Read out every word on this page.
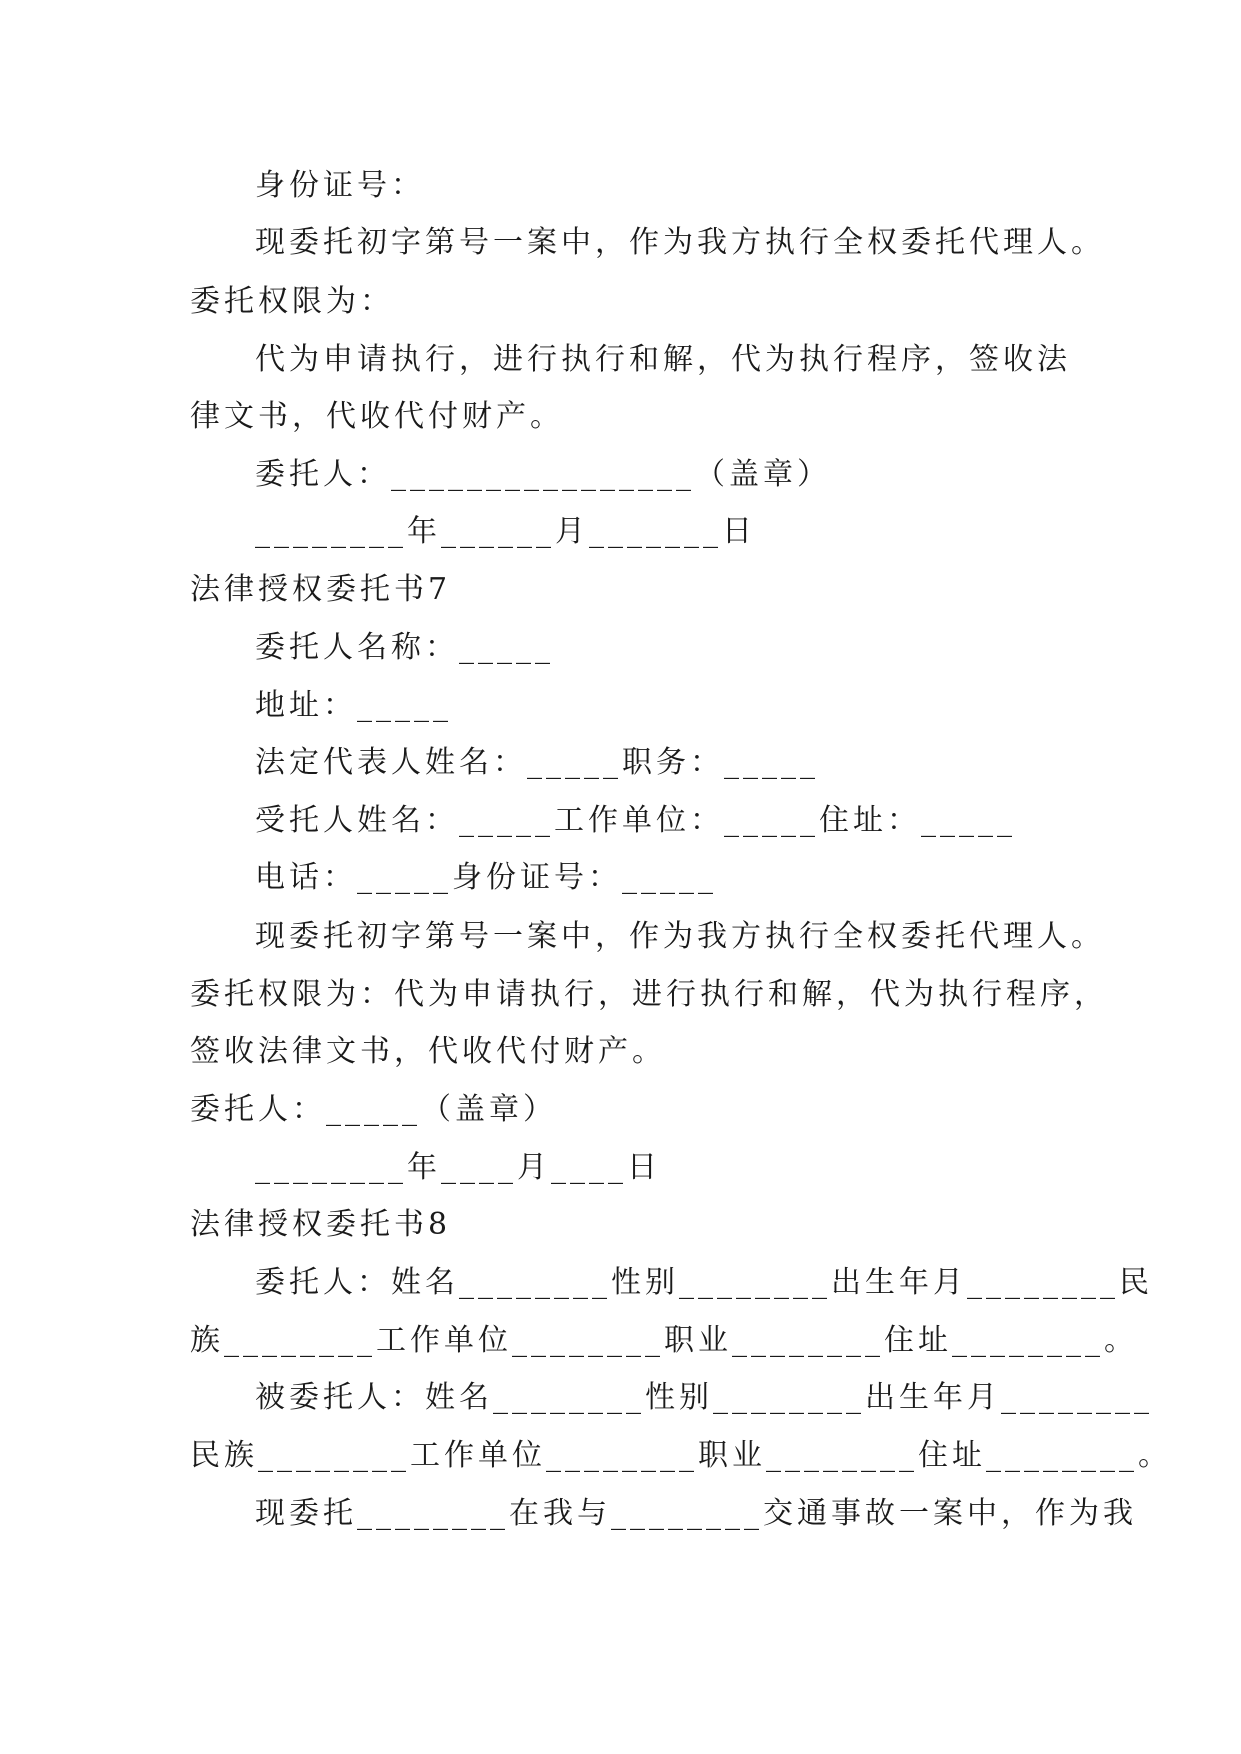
身份证号：
现委托初字第号一案中，作为我方执行全权委托代理人。
委托权限为：
代为申请执行，进行执行和解，代为执行程序，签收法
律文书，代收代付财产。
委托人：________________（盖章）
________年______月_______日
法律授权委托书7
委托人名称：_____
地址：_____
法定代表人姓名：_____职务：_____
受托人姓名：_____工作单位：_____住址：_____
电话：_____身份证号：_____
现委托初字第号一案中，作为我方执行全权委托代理人。
委托权限为：代为申请执行，进行执行和解，代为执行程序，
签收法律文书，代收代付财产。
委托人：_____（盖章）
________年____月____日
法律授权委托书8
委托人：姓名________性别________出生年月________民
族________工作单位________职业________住址________。
被委托人：姓名________性别________出生年月________
民族________工作单位________职业________住址________。
现委托________在我与________交通事故一案中，作为我
